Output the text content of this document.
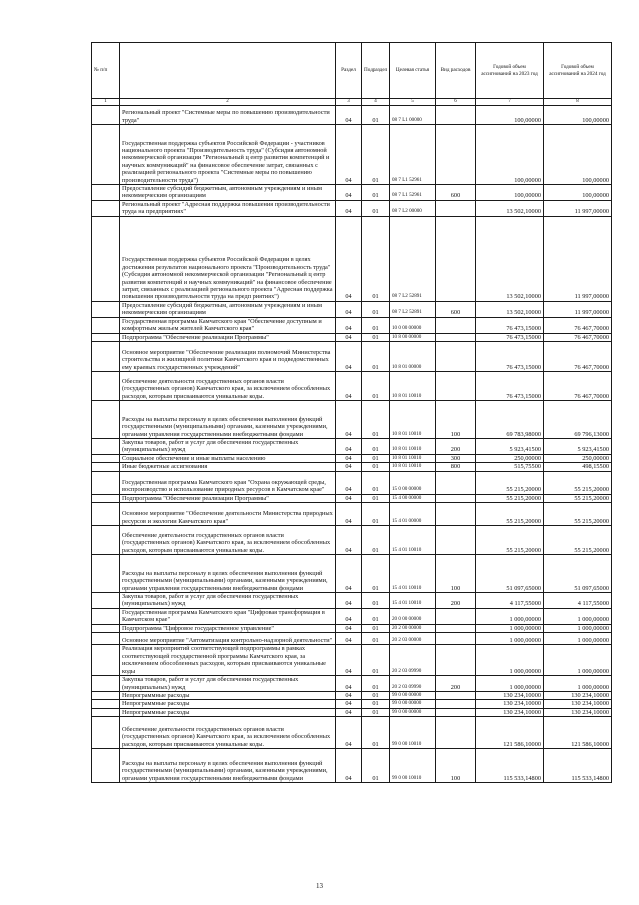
№ п/п		Раздел	Подраздел	Целевая статья	Вид расходов	Годовой объем ассигнований на 2023 год	Годовой объем ассигнований на 2024 год
1	2	3	4	5	6	7	8
	Региональный проект "Системные меры по повышению производительности труда"	04	01	08 7 L1 00000		100,00000	100,00000
	Государственная поддержка субъектов Российской Федерации - участников национального проекта "Производительность труда" (Субсидия автономной некоммерческой организации "Региональный ц ентр развития компетенций и научных коммуникаций" на финансовое обеспечение затрат, связанных с реализацией регионального проекта "Системные меры по повышению производительности труда")	04	01	08 7 L1 52961		100,00000	100,00000
	Предоставление субсидий бюджетным, автономным учреждениям и иным некоммерческим организациям	04	01	08 7 L1 52961	600	100,00000	100,00000
	Региональный проект "Адресная поддержка повышения производительности труда на предприятиях"	04	01	08 7 L2 00000		13 502,10000	11 997,00000
	Государственная поддержка субъектов Российской Федерации в целях достижения результатов национального проекта "Производительность труда" (Субсидия автономной некоммерческой организации "Региональный ц ентр развития компетенций и научных коммуникаций" на финансовое обеспечение затрат, связанных с реализацией регионального проекта "Адресная поддержка повышения производительности труда на предп риятиях")	04	01	08 7 L2 52891		13 502,10000	11 997,00000
	Предоставление субсидий бюджетным, автономным учреждениям и иным некоммерческим организациям	04	01	08 7 L2 52891	600	13 502,10000	11 997,00000
	Государственная программа Камчатского края "Обеспечение доступным и комфортным жильем жителей Камчатского края"	04	01	10 0 00 00000		76 473,15000	76 467,70000
	Подпрограмма "Обеспечение реализации Программы"	04	01	10 8 00 00000		76 473,15000	76 467,70000
	Основное мероприятие "Обеспечение реализации полномочий Министерства строительства и жилищной политики Камчатского края и подведомственных ему краевых государственных учреждений"	04	01	10 8 01 00000		76 473,15000	76 467,70000
	Обеспечение деятельности государственных органов власти (государственных органов) Камчатского края, за исключением обособленных расходов, которым присваиваются уникальные коды.	04	01	10 8 01 10010		76 473,15000	76 467,70000
	Расходы на выплаты персоналу в целях обеспечения выполнения функций государственными (муниципальными) органами, казенными учреждениями, органами управления государственными внебюджетными фондами	04	01	10 8 01 10010	100	69 783,98000	69 796,13000
	Закупка товаров, работ и услуг для обеспечения государственных (муниципальных) нужд	04	01	10 8 01 10010	200	5 923,41500	5 923,41500
	Социальное обеспечение и иные выплаты населению	04	01	10 8 01 10010	300	250,00000	250,00000
	Иные бюджетные ассигнования	04	01	10 8 01 10010	800	515,75500	498,15500
	Государственная программа Камчатского края "Охрана окружающей среды, воспроизводство и использование природных ресурсов в Камчатском крае"	04	01	15 0 00 00000		55 215,20000	55 215,20000
	Подпрограмма "Обеспечение реализации Программы"	04	01	15 4 00 00000		55 215,20000	55 215,20000
	Основное мероприятие "Обеспечение деятельности Министерства природных ресурсов и экологии Камчатского края"	04	01	15 4 01 00000		55 215,20000	55 215,20000
	Обеспечение деятельности государственных органов власти (государственных органов) Камчатского края, за исключением обособленных расходов, которым присваиваются уникальные коды.	04	01	15 4 01 10010		55 215,20000	55 215,20000
	Расходы на выплаты персоналу в целях обеспечения выполнения функций государственными (муниципальными) органами, казенными учреждениями, органами управления государственными внебюджетными фондами	04	01	15 4 01 10010	100	51 097,65000	51 097,65000
	Закупка товаров, работ и услуг для обеспечения государственных (муниципальных) нужд	04	01	15 4 01 10010	200	4 117,55000	4 117,55000
	Государственная программа Камчатского края "Цифровая трансформация в Камчатском крае"	04	01	20 0 00 00000		1 000,00000	1 000,00000
	Подпрограмма "Цифровое государственное управление"	04	01	20 2 00 00000		1 000,00000	1 000,00000
	Основное мероприятие "Автоматизация контрольно-надзорной деятельности"	04	01	20 2 03 00000		1 000,00000	1 000,00000
	Реализация мероприятий соответствующей подпрограммы в рамках соответствующей государственной программы Камчатского края, за исключением обособленных расходов, которым присваиваются уникальные коды	04	01	20 2 03 09990		1 000,00000	1 000,00000
	Закупка товаров, работ и услуг для обеспечения государственных (муниципальных) нужд	04	01	20 2 03 09990	200	1 000,00000	1 000,00000
	Непрограммные расходы	04	01	99 0 00 00000		130 234,10000	130 234,10000
	Непрограммные расходы	04	01	99 0 00 00000		130 234,10000	130 234,10000
	Непрограммные расходы	04	01	99 0 00 00000		130 234,10000	130 234,10000
	Обеспечение деятельности государственных органов власти (государственных органов) Камчатского края, за исключением обособленных расходов, которым присваиваются уникальные коды.	04	01	99 0 00 10010		121 586,10000	121 586,10000
	Расходы на выплаты персоналу в целях обеспечения выполнения функций государственными (муниципальными) органами, казенными учреждениями, органами управления государственными внебюджетными фондами	04	01	99 0 00 10010	100	115 533,14800	115 533,14800
13
